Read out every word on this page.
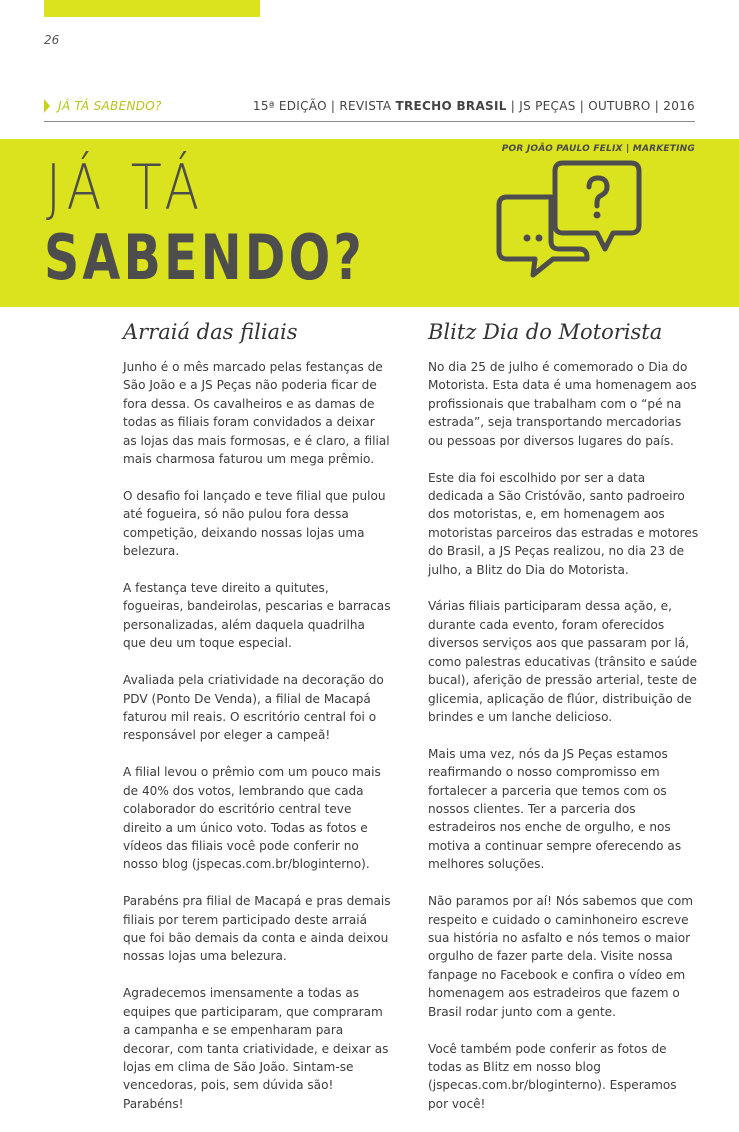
26
JÁ TÁ SABENDO?	15ª EDIÇÃO | REVISTA TRECHO BRASIL | JS PEÇAS | OUTUBRO | 2016
POR JOÃO PAULO FELIX | MARKETING
JÁ TÁ
SABENDO?
Arraiá das filiais

Junho é o mês marcado pelas festanças de São João e a JS Peças não poderia ficar de fora dessa. Os cavalheiros e as damas de todas as filiais foram convidados a deixar as lojas das mais formosas, e é claro, a filial mais charmosa faturou um mega prêmio.

O desafio foi lançado e teve filial que pulou até fogueira, só não pulou fora dessa competição, deixando nossas lojas uma belezura.

A festança teve direito a quitutes, fogueiras, bandeirolas, pescarias e barracas personalizadas, além daquela quadrilha que deu um toque especial.

Avaliada pela criatividade na decoração do PDV (Ponto De Venda), a filial de Macapá faturou mil reais. O escritório central foi o responsável por eleger a campeã!

A filial levou o prêmio com um pouco mais de 40% dos votos, lembrando que cada colaborador do escritório central teve direito a um único voto. Todas as fotos e vídeos das filiais você pode conferir no nosso blog (jspecas.com.br/bloginterno).

Parabéns pra filial de Macapá e pras demais filiais por terem participado deste arraiá que foi bão demais da conta e ainda deixou nossas lojas uma belezura.

Agradecemos imensamente a todas as equipes que participaram, que compraram a campanha e se empenharam para decorar, com tanta criatividade, e deixar as lojas em clima de São João. Sintam-se vencedoras, pois, sem dúvida são! Parabéns!

Blitz Dia do Motorista

No dia 25 de julho é comemorado o Dia do Motorista. Esta data é uma homenagem aos profissionais que trabalham com o “pé na estrada”, seja transportando mercadorias ou pessoas por diversos lugares do país.

Este dia foi escolhido por ser a data dedicada a São Cristóvão, santo padroeiro dos motoristas, e, em homenagem aos motoristas parceiros das estradas e motores do Brasil, a JS Peças realizou, no dia 23 de julho, a Blitz do Dia do Motorista.

Várias filiais participaram dessa ação, e, durante cada evento, foram oferecidos diversos serviços aos que passaram por lá, como palestras educativas (trânsito e saúde bucal), aferição de pressão arterial, teste de glicemia, aplicação de flúor, distribuição de brindes e um lanche delicioso.

Mais uma vez, nós da JS Peças estamos reafirmando o nosso compromisso em fortalecer a parceria que temos com os nossos clientes. Ter a parceria dos estradeiros nos enche de orgulho, e nos motiva a continuar sempre oferecendo as melhores soluções.

Não paramos por aí! Nós sabemos que com respeito e cuidado o caminhoneiro escreve sua história no asfalto e nós temos o maior orgulho de fazer parte dela. Visite nossa fanpage no Facebook e confira o vídeo em homenagem aos estradeiros que fazem o Brasil rodar junto com a gente.

Você também pode conferir as fotos de todas as Blitz em nosso blog (jspecas.com.br/bloginterno). Esperamos por você!
